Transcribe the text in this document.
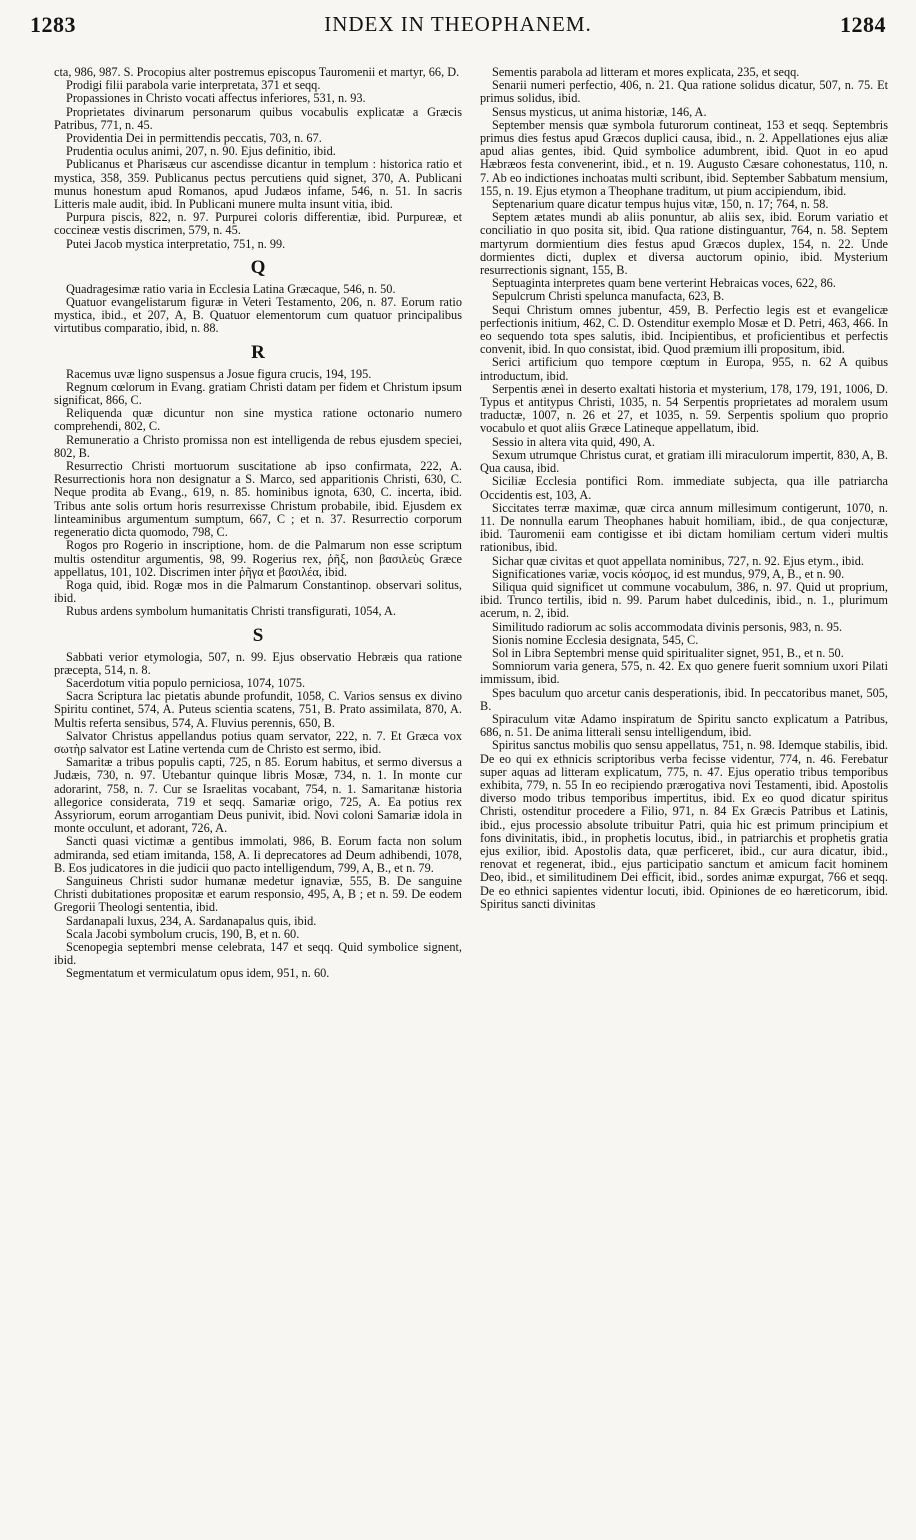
1283	INDEX IN THEOPHANEM.	1284

cta, 986, 987. S. Procopius alter postremus episcopus Tauromenii et martyr, 66, D.

Prodigi filii parabola varie interpretata, 371 et seqq.

Propassiones in Christo vocati affectus inferiores, 531, n. 93.

Proprietates divinarum personarum quibus vocabulis explicatæ a Græcis Patribus, 771, n. 45.

Providentia Dei in permittendis peccatis, 703, n. 67.

Prudentia oculus animi, 207, n. 90. Ejus definitio, ibid.

Publicanus et Pharisæus cur ascendisse dicantur in templum : historica ratio et mystica, 358, 359. Publicanus pectus percutiens quid signet, 370, A. Publicani munus honestum apud Romanos, apud Judæos infame, 546, n. 51. In sacris Litteris male audit, ibid. In Publicani munere multa insunt vitia, ibid.

Purpura piscis, 822, n. 97. Purpurei coloris differentiæ, ibid. Purpureæ, et coccineæ vestis discrimen, 579, n. 45.

Putei Jacob mystica interpretatio, 751, n. 99.

Q

Quadragesimæ ratio varia in Ecclesia Latina Græcaque, 546, n. 50.

Quatuor evangelistarum figuræ in Veteri Testamento, 206, n. 87. Eorum ratio mystica, ibid., et 207, A, B. Quatuor elementorum cum quatuor principalibus virtutibus comparatio, ibid, n. 88.

R

Racemus uvæ ligno suspensus a Josue figura crucis, 194, 195.

Regnum cœlorum in Evang. gratiam Christi datam per fidem et Christum ipsum significat, 866, C.

Reliquenda quæ dicuntur non sine mystica ratione octonario numero comprehendi, 802, C.

Remuneratio a Christo promissa non est intelligenda de rebus ejusdem speciei, 802, B.

Resurrectio Christi mortuorum suscitatione ab ipso confirmata, 222, A. Resurrectionis hora non designatur a S. Marco, sed apparitionis Christi, 630, C. Neque prodita ab Evang., 619, n. 85. hominibus ignota, 630, C. incerta, ibid. Tribus ante solis ortum horis resurrexisse Christum probabile, ibid. Ejusdem ex linteaminibus argumentum sumptum, 667, C ; et n. 37. Resurrectio corporum regeneratio dicta quomodo, 798, C.

Rogos pro Rogerio in inscriptione, hom. de die Palmarum non esse scriptum multis ostenditur argumentis, 98, 99. Rogerius rex, ῥῆξ, non βασιλεὺς Græce appellatus, 101, 102. Discrimen inter ῥῆγα et βασιλέα, ibid.

Roga quid, ibid. Rogæ mos in die Palmarum Constantinop. observari solitus, ibid.

Rubus ardens symbolum humanitatis Christi transfigurati, 1054, A.

S

Sabbati verior etymologia, 507, n. 99. Ejus observatio Hebræis qua ratione præcepta, 514, n. 8.

Sacerdotum vitia populo perniciosa, 1074, 1075.

Sacra Scriptura lac pietatis abunde profundit, 1058, C. Varios sensus ex divino Spiritu continet, 574, A. Puteus scientia scatens, 751, B. Prato assimilata, 870, A. Multis referta sensibus, 574, A. Fluvius perennis, 650, B.

Salvator Christus appellandus potius quam servator, 222, n. 7. Et Græca vox σωτὴρ salvator est Latine vertenda cum de Christo est sermo, ibid.

Samaritæ a tribus populis capti, 725, n 85. Eorum habitus, et sermo diversus a Judæis, 730, n. 97. Utebantur quinque libris Mosæ, 734, n. 1. In monte cur adorarint, 758, n. 7. Cur se Israelitas vocabant, 754, n. 1. Samaritanæ historia allegorice considerata, 719 et seqq. Samariæ origo, 725, A. Ea potius rex Assyriorum, eorum arrogantiam Deus punivit, ibid. Novi coloni Samariæ idola in monte occulunt, et adorant, 726, A.

Sancti quasi victimæ a gentibus immolati, 986, B. Eorum facta non solum admiranda, sed etiam imitanda, 158, A. Ii deprecatores ad Deum adhibendi, 1078, B. Eos judicatores in die judicii quo pacto intelligendum, 799, A, B., et n. 79.

Sanguineus Christi sudor humanæ medetur ignaviæ, 555, B. De sanguine Christi dubitationes propositæ et earum responsio, 495, A, B ; et n. 59. De eodem Gregorii Theologi sententia, ibid.

Sardanapali luxus, 234, A. Sardanapalus quis, ibid.

Scala Jacobi symbolum crucis, 190, B, et n. 60.

Scenopegia septembri mense celebrata, 147 et seqq. Quid symbolice signent, ibid.

Segmentatum et vermiculatum opus idem, 951, n. 60.

Sementis parabola ad litteram et mores explicata, 235, et seqq.

Senarii numeri perfectio, 406, n. 21. Qua ratione solidus dicatur, 507, n. 75. Et primus solidus, ibid.

Sensus mysticus, ut anima historiæ, 146, A.

September mensis quæ symbola futurorum contineat, 153 et seqq. Septembris primus dies festus apud Græcos duplici causa, ibid., n. 2. Appellationes ejus aliæ apud alias gentes, ibid. Quid symbolice adumbrent, ibid. Quot in eo apud Hæbræos festa convenerint, ibid., et n. 19. Augusto Cæsare cohonestatus, 110, n. 7. Ab eo indictiones inchoatas multi scribunt, ibid. September Sabbatum mensium, 155, n. 19. Ejus etymon a Theophane traditum, ut pium accipiendum, ibid.

Septenarium quare dicatur tempus hujus vitæ, 150, n. 17; 764, n. 58.

Septem ætates mundi ab aliis ponuntur, ab aliis sex, ibid. Eorum variatio et conciliatio in quo posita sit, ibid. Qua ratione distinguantur, 764, n. 58. Septem martyrum dormientium dies festus apud Græcos duplex, 154, n. 22. Unde dormientes dicti, duplex et diversa auctorum opinio, ibid. Mysterium resurrectionis signant, 155, B.

Septuaginta interpretes quam bene verterint Hebraicas voces, 622, 86.

Sepulcrum Christi spelunca manufacta, 623, B.

Sequi Christum omnes jubentur, 459, B. Perfectio legis est et evangelicæ perfectionis initium, 462, C. D. Ostenditur exemplo Mosæ et D. Petri, 463, 466. In eo sequendo tota spes salutis, ibid. Incipientibus, et proficientibus et perfectis convenit, ibid. In quo consistat, ibid. Quod præmium illi propositum, ibid.

Serici artificium quo tempore cœptum in Europa, 955, n. 62 A quibus introductum, ibid.

Serpentis æneì in deserto exaltati historia et mysterium, 178, 179, 191, 1006, D. Typus et antitypus Christi, 1035, n. 54 Serpentis proprietates ad moralem usum traductæ, 1007, n. 26 et 27, et 1035, n. 59. Serpentis spolium quo proprio vocabulo et quot aliis Græce Latineque appellatum, ibid.

Sessio in altera vita quid, 490, A.

Sexum utrumque Christus curat, et gratiam illi miraculorum impertit, 830, A, B. Qua causa, ibid.

Siciliæ Ecclesia pontifici Rom. immediate subjecta, qua ille patriarcha Occidentis est, 103, A.

Siccitates terræ maximæ, quæ circa annum millesimum contigerunt, 1070, n. 11. De nonnulla earum Theophanes habuit homiliam, ibid., de qua conjecturæ, ibid. Tauromenii eam contigisse et ibi dictam homiliam certum videri multis rationibus, ibid.

Sichar quæ civitas et quot appellata nominibus, 727, n. 92. Ejus etym., ibid.

Significationes variæ, vocis κόσμος, id est mundus, 979, A, B., et n. 90.

Siliqua quid significet ut commune vocabulum, 386, n. 97. Quid ut proprium, ibid. Trunco tertilis, ibid n. 99. Parum habet dulcedinis, ibid., n. 1., plurimum acerum, n. 2, ibid.

Similitudo radiorum ac solis accommodata divinis personis, 983, n. 95.

Sionis nomine Ecclesia designata, 545, C.

Sol in Libra Septembri mense quid spiritualiter signet, 951, B., et n. 50.

Somniorum varia genera, 575, n. 42. Ex quo genere fuerit somnium uxori Pilati immissum, ibid.

Spes baculum quo arcetur canis desperationis, ibid. In peccatoribus manet, 505, B.

Spiraculum vitæ Adamo inspiratum de Spiritu sancto explicatum a Patribus, 686, n. 51. De anima litterali sensu intelligendum, ibid.

Spiritus sanctus mobilis quo sensu appellatus, 751, n. 98. Idemque stabilis, ibid. De eo qui ex ethnicis scriptoribus verba fecisse videntur, 774, n. 46. Ferebatur super aquas ad litteram explicatum, 775, n. 47. Ejus operatio tribus temporibus exhibita, 779, n. 55 In eo recipiendo prærogativa novi Testamenti, ibid. Apostolis diverso modo tribus temporibus impertitus, ibid. Ex eo quod dicatur spiritus Christi, ostenditur procedere a Filio, 971, n. 84 Ex Græcis Patribus et Latinis, ibid., ejus processio absolute tribuitur Patri, quia hic est primum principium et fons divinitatis, ibid., in prophetis locutus, ibid., in patriarchis et prophetis gratia ejus exilior, ibid. Apostolis data, quæ perficeret, ibid., cur aura dicatur, ibid., renovat et regenerat, ibid., ejus participatio sanctum et amicum facit hominem Deo, ibid., et similitudinem Dei efficit, ibid., sordes animæ expurgat, 766 et seqq. De eo ethnici sapientes videntur locuti, ibid. Opiniones de eo hæreticorum, ibid. Spiritus sancti divinitas
